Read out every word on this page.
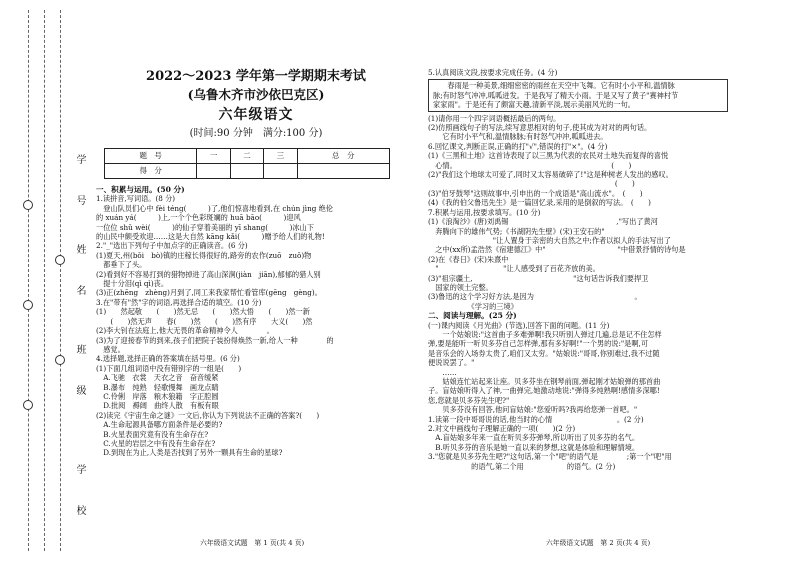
学 号
姓 名
班 级
学 校
2022～2023 学年第一学期期末考试
(乌鲁木齐市沙依巴克区)
六年级语文
(时间:90 分钟　满分:100 分)
题　号	一	二	三	总　分
得　分				
一、积累与运用。(50 分)
1.读拼音,写词语。(8 分)
　登山队员们心中 fèi téng(　　　)了,他们惊喜地看到,在 chún jìng 绝伦
的 xuán yá(　　　)上,一个个色彩斑斓的 huā bāo(　　　)迎风
一位位 shǔ wèi(　　　)的仙子穿着美丽的 yī shang(　　　)冰山下
的山民中颇受欢迎……这是大自然 kāng kǎi(　　　)赠予给人们的礼物!
2."_"选出下列句子中加点字的正确读音。(6 分)
(1)夏天,州(bǒi　bò)镇的庄稼长得很好的,路旁的农作(zuō　zuǒ)物
　都垂下了头。
(2)看到好不容易打到的猎物掉进了高山深涧(jiàn　jiān),郁郁的猎人别
　提十分泪(qì qì)丧。
(3)正(zhēng　zhèng)月到了,同工来我家帮忙看管库(gēng　gèng)。
3.在"带有"然"字的词语,再选择合适的填空。(10 分)
(1)　　然起敬　　(　　)然无忌　　(　　)然大悟　　(　　)然一新
　　(　　)然无声　　春(　　)然　　(　　)然有序　　大义(　　)然
(2)李大钊在法庭上,他大无畏的革命精神令人　　　　。
(3)为了迎接春节的到来,孩子们把院子装扮得焕然一新,给人一种　　　　的
　感觉。
4.选择题,选择正确的答案填在括号里。(6 分)
(1)下面几组词语中没有错别字的一组是(　　)
　A.飞驰　衣裳　天衣之音　奋音缓紧
　B.瀑布　纯熟　轻歌慢舞　画龙点睛
　C.伶俐　岸落　粮木狼籍　字正腔圆
　D.批阅　褥阔　曲终人散　有板有眼
(2)读完《宇宙生命之谜》一文后,你认为下列说法不正确的答案?(　　)
　A.生命起源具备哪方面条件是必要的?
　B.火星表面究竟有没有生命存在?
　C.火星的岩层之中有没有生命存在?
　D.到现在为止,人类是否找到了另外一颗具有生命的星球?
5.认真阅读文段,按要求完成任务。(4 分)
　　春雨是一种美景,细细密密的雨丝在天空中飞舞。它有时小小平和,温情脉
脉;有时怒气冲冲,呱呱迸发。于是我写了精天小雨。于是又写了黄子"赛神村节
家家雨"。于是还有了颇富天趣,清新平淡,展示美丽风光的一句。
(1)请你用一个四字词语概括最后的两句。
(2)仿照画线句子的写法,续写意思相对的句子,使其成为对对的两句话。
　　它有时小平气和,温情脉脉;有时怒气冲冲,呱呱进去。
6.回忆课文,判断正误,正确的打"√",错误的打"×"。(4 分)
(1)《三黑和土地》这首诗表现了以三黑为代表的农民对土地失而复得的喜悦
　心情。　　　　　　　　　　　　　　　　　　　　　　(　　)
(2)"我们这个地球太可爱了,同时又太容易破碎了!"这是种树老人发出的感叹。
　　　　　　　　　　　　　　　　　　　　　　　　　　(　　)
(3)"伯牙鼓琴"这则故事中,引申出的一个成语是"高山流水"。　(　　)
(4)《我的伯父鲁迅先生》是一篇回忆录,采用的是倒叙的写法。　(　　)
7.积累与运用,按要求填写。(10 分)
(1)《浪淘沙》(唐)刘禹锡　　　　　　　　　　　　　　　,"写出了黄河
　奔腾向下的雄伟气势;《书湖阴先生壁》(宋)王安石的"
　　　　　　　　　"让人置身于亲密的大自然之中;作者以拟人的手法写出了
　之中(xx所)孟浩然《宿建德江》中"　　　　　　　　　　"中借景抒情的诗句是
(2)在《春日》(宋)朱熹中
　"　　　　　　　　　"让人感受到了百花齐放的美。
(3)"祖宗疆土,　　　　　　　　　　　　　　"这句话告诉我们要捍卫
　国家的领土完整。
(3)鲁迅的这个学习好方法,是因为　　　　　　　　　　　　　　。
　　　　　　《学习的三境》
二、阅读与理解。(25 分)
(一)课内阅读《月光曲》(节选),回答下面的问题。(11 分)
　　一个姑娘说:"这首曲子多难弹啊!我只听别人弹过几遍,总是记不住怎样
弹,要是能听一听贝多芬自己怎样弹,那有多好啊!"一个男的说:"是啊,可
是音乐会的入场券太贵了,咱们又太穷。"姑娘说:"哥哥,你别难过,我不过随
便说说罢了。"
　　……
　　姑娘连忙站起来让座。贝多芬坐在钢琴前面,弹起刚才姑娘弹的那首曲
子。盲姑娘听得入了神,一曲弹完,她激动地说:"弹得多纯熟啊!感情多深哪!
您,您就是贝多芬先生吧?"
　　贝多芬没有回答,他问盲姑娘:"您爱听吗?我再给您弹一首吧。"
1.读第一段中哥哥说的话,他当时的心情　　　　　　　　　。(2 分)
2.对文中画线句子理解正确的一项(　　)(2 分)
　A.盲姑娘多年来一直在听贝多芬弹琴,所以听出了贝多芬的名气。
　B.听贝多芬的音乐是她一直以来的梦想,这就是体验和理解情境。
3."您就是贝多芬先生吧?"这句话,第一个"吧"的语气是　　　　;第一个"吧"用
　　　　　　的语气,第二个用　　　　　　的语气。(2 分)
六年级语文试题　第 1 页(共 4 页)	六年级语文试题　第 2 页(共 4 页)
